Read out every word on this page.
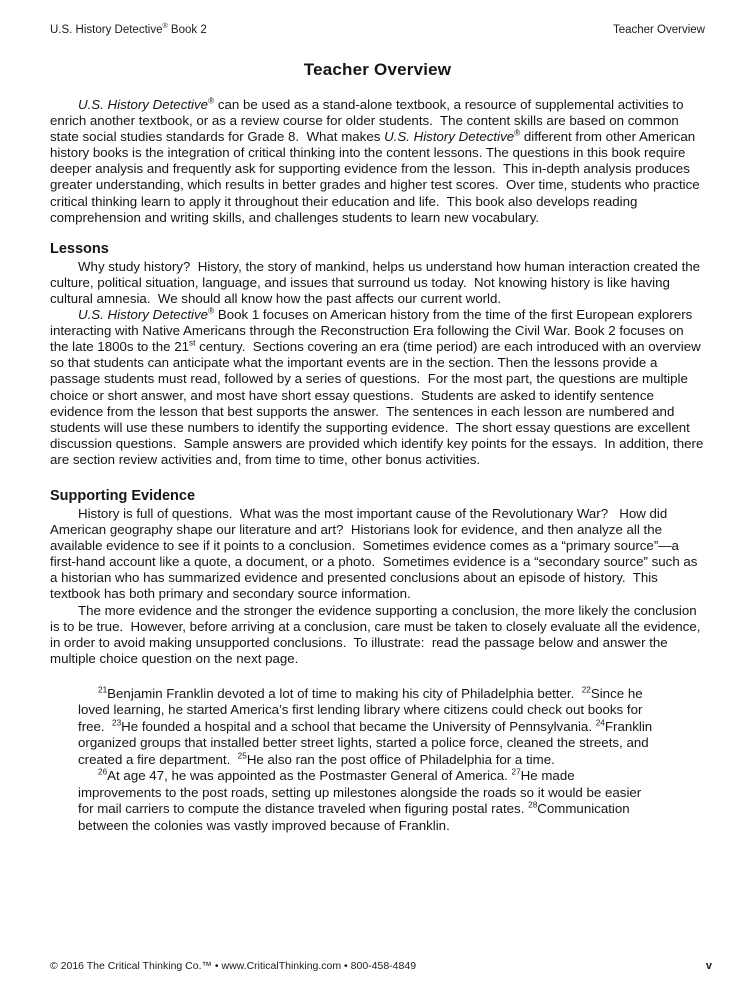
U.S. History Detective® Book 2	Teacher Overview
Teacher Overview

U.S. History Detective® can be used as a stand-alone textbook, a resource of supplemental activities to enrich another textbook, or as a review course for older students.  The content skills are based on common state social studies standards for Grade 8.  What makes U.S. History Detective® different from other American history books is the integration of critical thinking into the content lessons. The questions in this book require deeper analysis and frequently ask for supporting evidence from the lesson.  This in-depth analysis produces greater understanding, which results in better grades and higher test scores.  Over time, students who practice critical thinking learn to apply it throughout their education and life.  This book also develops reading comprehension and writing skills, and challenges students to learn new vocabulary.

Lessons

Why study history?  History, the story of mankind, helps us understand how human interaction created the culture, political situation, language, and issues that surround us today.  Not knowing history is like having cultural amnesia.  We should all know how the past affects our current world.

U.S. History Detective® Book 1 focuses on American history from the time of the first European explorers interacting with Native Americans through the Reconstruction Era following the Civil War. Book 2 focuses on the late 1800s to the 21st century.  Sections covering an era (time period) are each introduced with an overview so that students can anticipate what the important events are in the section. Then the lessons provide a passage students must read, followed by a series of questions.  For the most part, the questions are multiple choice or short answer, and most have short essay questions.  Students are asked to identify sentence evidence from the lesson that best supports the answer.  The sentences in each lesson are numbered and students will use these numbers to identify the supporting evidence.  The short essay questions are excellent discussion questions.  Sample answers are provided which identify key points for the essays.  In addition, there are section review activities and, from time to time, other bonus activities.

Supporting Evidence

History is full of questions.  What was the most important cause of the Revolutionary War?   How did American geography shape our literature and art?  Historians look for evidence, and then analyze all the available evidence to see if it points to a conclusion.  Sometimes evidence comes as a “primary source”—a first-hand account like a quote, a document, or a photo.  Sometimes evidence is a “secondary source” such as a historian who has summarized evidence and presented conclusions about an episode of history.  This textbook has both primary and secondary source information.

The more evidence and the stronger the evidence supporting a conclusion, the more likely the conclusion is to be true.  However, before arriving at a conclusion, care must be taken to closely evaluate all the evidence, in order to avoid making unsupported conclusions.  To illustrate:  read the passage below and answer the multiple choice question on the next page.

$^{21}$Benjamin Franklin devoted a lot of time to making his city of Philadelphia better.  $^{22}$Since he loved learning, he started America’s first lending library where citizens could check out books for free.  $^{23}$He founded a hospital and a school that became the University of Pennsylvania. $^{24}$Franklin organized groups that installed better street lights, started a police force, cleaned the streets, and created a fire department.  $^{25}$He also ran the post office of Philadelphia for a time.

$^{26}$At age 47, he was appointed as the Postmaster General of America. $^{27}$He made improvements to the post roads, setting up milestones alongside the roads so it would be easier for mail carriers to compute the distance traveled when figuring postal rates. $^{28}$Communication between the colonies was vastly improved because of Franklin.

© 2016 The Critical Thinking Co.™ • www.CriticalThinking.com • 800-458-4849	v
